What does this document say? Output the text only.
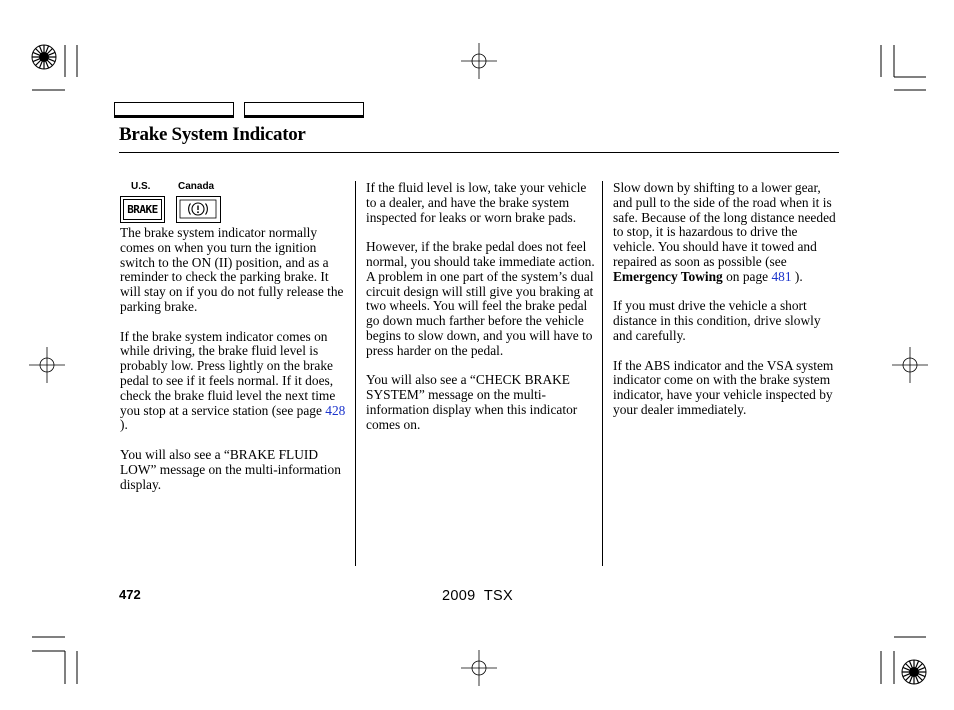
Brake System Indicator
U.S.	Canada
BRAKE

The brake system indicator normally comes on when you turn the ignition switch to the ON (II) position, and as a reminder to check the parking brake. It will stay on if you do not fully release the parking brake.

If the brake system indicator comes on while driving, the brake fluid level is probably low. Press lightly on the brake pedal to see if it feels normal. If it does, check the brake fluid level the next time you stop at a service station (see page 428 ).

You will also see a “BRAKE FLUID LOW” message on the multi-information display.

If the fluid level is low, take your vehicle to a dealer, and have the brake system inspected for leaks or worn brake pads.

However, if the brake pedal does not feel normal, you should take immediate action. A problem in one part of the system’s dual circuit design will still give you braking at two wheels. You will feel the brake pedal go down much farther before the vehicle begins to slow down, and you will have to press harder on the pedal.

You will also see a “CHECK BRAKE SYSTEM” message on the multi-information display when this indicator comes on.

Slow down by shifting to a lower gear, and pull to the side of the road when it is safe. Because of the long distance needed to stop, it is hazardous to drive the vehicle. You should have it towed and repaired as soon as possible (see Emergency Towing on page 481 ).

If you must drive the vehicle a short distance in this condition, drive slowly and carefully.

If the ABS indicator and the VSA system indicator come on with the brake system indicator, have your vehicle inspected by your dealer immediately.

472	2009  TSX
